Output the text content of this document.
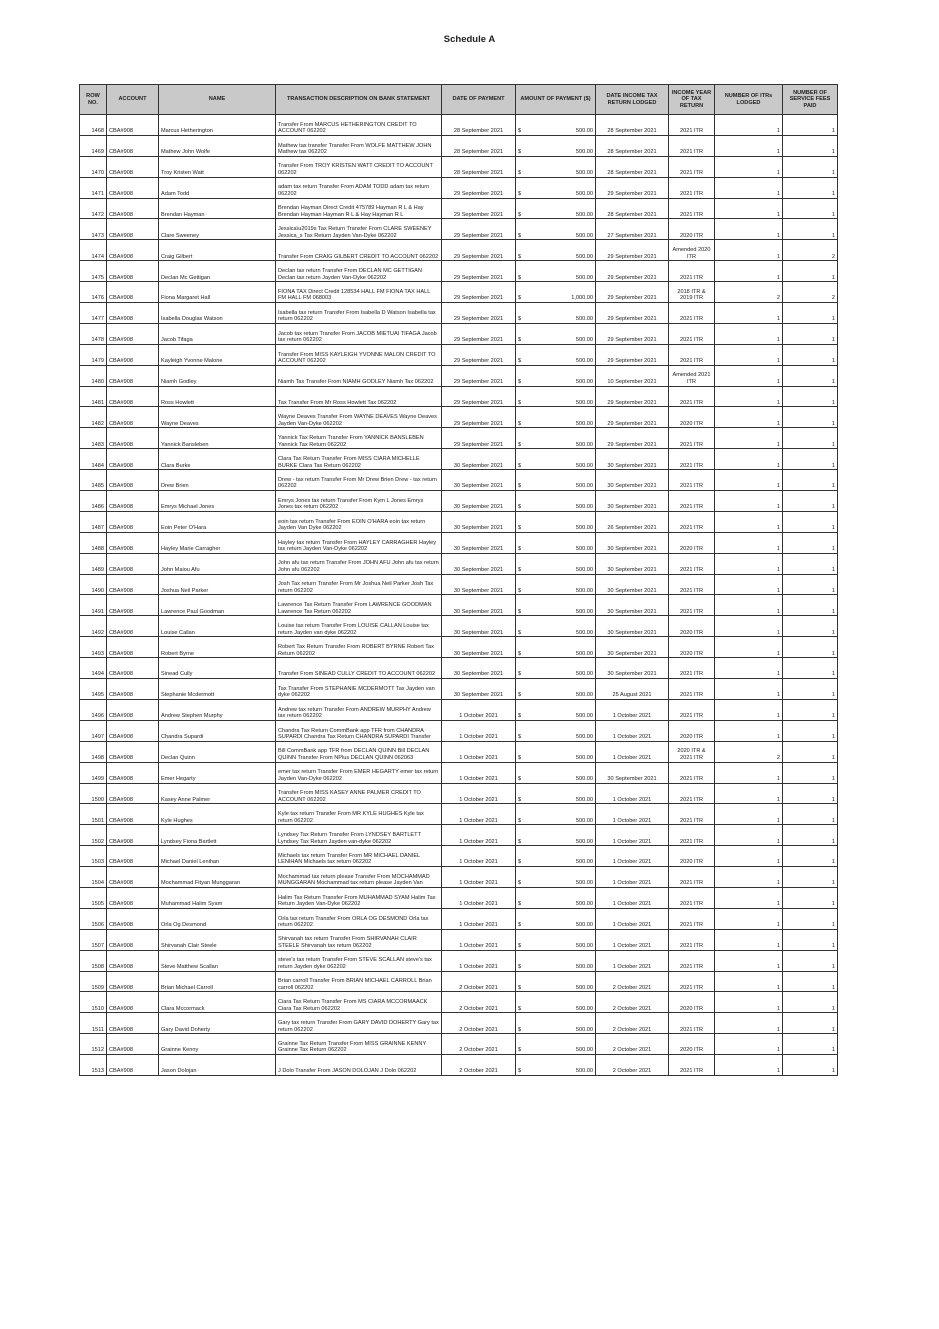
Schedule A
ROW NO.	ACCOUNT	NAME	TRANSACTION DESCRIPTION ON BANK STATEMENT	DATE OF PAYMENT	AMOUNT OF PAYMENT ($)	DATE INCOME TAX RETURN LODGED	INCOME YEAR OF TAX RETURN	NUMBER OF ITRs LODGED	NUMBER OF SERVICE FEES PAID
1468	CBA#908	Marcus Hetherington	Transfer From MARCUS HETHERINGTON CREDIT TO ACCOUNT 062202	28 September 2021	$ 500.00	28 September 2021	2021 ITR	1	1
1469	CBA#908	Mathew John Wolfe	Mathew tax transfer Transfer From WOLFE MATTHEW JOHN Mathew tax 062202	28 September 2021	$ 500.00	28 September 2021	2021 ITR	1	1
1470	CBA#908	Troy Kristen Watt	Transfer From TROY KRISTEN WATT CREDIT TO ACCOUNT 062202	28 September 2021	$ 500.00	28 September 2021	2021 ITR	1	1
1471	CBA#908	Adam Todd	adam tax return Transfer From ADAM TODD adam tax return 062202	29 September 2021	$ 500.00	29 September 2021	2021 ITR	1	1
1472	CBA#908	Brendan Hayman	Brendan Hayman Direct Credit 475789 Hayman R L & Hay Brendan Hayman Hayman R L & Hay Hayman R L	29 September 2021	$ 500.00	28 September 2021	2021 ITR	1	1
1473	CBA#908	Clare Sweeney	Jessica\u2019s Tax Return Transfer From CLARE SWEENEY Jessica_s Tax Return Jayden Van-Dyke 062202	29 September 2021	$ 500.00	27 September 2021	2020 ITR	1	1
1474	CBA#908	Craig Gilbert	Transfer From CRAIG GILBERT CREDIT TO ACCOUNT 062202	29 September 2021	$ 500.00	29 September 2021	Amended 2020 ITR	1	2
1475	CBA#908	Declan Mc Gettigan	Declan tax return Transfer From DECLAN MC GETTIGAN Declan tax return Jayden Van-Dyke 062202	29 September 2021	$ 500.00	29 September 2021	2021 ITR	1	1
1476	CBA#908	Fiona Margaret Hall	FIONA TAX Direct Credit 128534 HALL FM FIONA TAX HALL FM HALL FM 068003	29 September 2021	$ 1,000.00	29 September 2021	2018 ITR & 2019 ITR	2	2
1477	CBA#908	Isabella Douglas Watson	Isabella tax return Transfer From Isabella D Watson Isabella tax return 062202	29 September 2021	$ 500.00	29 September 2021	2021 ITR	1	1
1478	CBA#908	Jacob Tifaga	Jacob tax return Transfer From JACOB MIETUAI TIFAGA Jacob tax return 062202	29 September 2021	$ 500.00	29 September 2021	2021 ITR	1	1
1479	CBA#908	Kayleigh Yvonne Malone	Transfer From MISS KAYLEIGH YVONNE MALON CREDIT TO ACCOUNT 062202	29 September 2021	$ 500.00	29 September 2021	2021 ITR	1	1
1480	CBA#908	Niamh Godley	Niamh Tax Transfer From NIAMH GODLEY Niamh Tax 062202	29 September 2021	$ 500.00	10 September 2021	Amended 2021 ITR	1	1
1481	CBA#908	Ross Howlett	Tax Transfer From Mr Ross Howlett Tax 062202	29 September 2021	$ 500.00	29 September 2021	2021 ITR	1	1
1482	CBA#908	Wayne Deaves	Wayne Deaves Transfer From WAYNE DEAVES Wayne Deaves Jayden Van-Dyke 062202	29 September 2021	$ 500.00	29 September 2021	2020 ITR	1	1
1483	CBA#908	Yannick Bansleben	Yannick Tax Return Transfer From YANNICK BANSLEBEN Yannick Tax Return 062202	29 September 2021	$ 500.00	29 September 2021	2021 ITR	1	1
1484	CBA#908	Clara Burke	Clara Tax Return Transfer From MISS CIARA MICHELLE BURKE Clara Tax Return 062202	30 September 2021	$ 500.00	30 September 2021	2021 ITR	1	1
1485	CBA#908	Drew Brien	Drew - tax return Transfer From Mr Drew Brien Drew - tax return 062202	30 September 2021	$ 500.00	30 September 2021	2021 ITR	1	1
1486	CBA#908	Emrys Michael Jones	Emrys Jones tax return Transfer From Kym L Jones Emrys Jones tax return 062202	30 September 2021	$ 500.00	30 September 2021	2021 ITR	1	1
1487	CBA#908	Eoin Peter O'Hara	eoin tax return Transfer From EOIN O'HARA eoin tax return Jayden Van Dyke 062202	30 September 2021	$ 500.00	26 September 2021	2021 ITR	1	1
1488	CBA#908	Hayley Marie Carragher	Hayley tax return Transfer From HAYLEY CARRAGHER Hayley tax return Jayden Van-Dyke 062202	30 September 2021	$ 500.00	30 September 2021	2020 ITR	1	1
1489	CBA#908	John Maiou Afu	John afu tax return Transfer From JOHN AFU John afu tax return John afu 062202	30 September 2021	$ 500.00	30 September 2021	2021 ITR	1	1
1490	CBA#908	Joshua Neil Parker	Josh Tax return Transfer From Mr Joshua Neil Parker Josh Tax return 062202	30 September 2021	$ 500.00	30 September 2021	2021 ITR	1	1
1491	CBA#908	Lawrence Paul Goodman	Lawrence Tax Return Transfer From LAWRENCE GOODMAN Lawrence Tax Return 062202	30 September 2021	$ 500.00	30 September 2021	2021 ITR	1	1
1492	CBA#908	Louise Callan	Louise tax return Transfer From LOUISE CALLAN Louise tax return Jayden van dyke 062202	30 September 2021	$ 500.00	30 September 2021	2020 ITR	1	1
1493	CBA#908	Robert Byrne	Robert Tax Return Transfer From ROBERT BYRNE Robert Tax Return 062202	30 September 2021	$ 500.00	30 September 2021	2020 ITR	1	1
1494	CBA#908	Sinead Cully	Transfer From SINEAD CULLY CREDIT TO ACCOUNT 062202	30 September 2021	$ 500.00	30 September 2021	2021 ITR	1	1
1495	CBA#908	Stephanie Mcdermott	Tax Transfer From STEPHANIE MCDERMOTT Tax Jayden van dyke 062202	30 September 2021	$ 500.00	25 August 2021	2021 ITR	1	1
1496	CBA#908	Andrew Stephen Murphy	Andrew tax return Transfer From ANDREW MURPHY Andrew tax return 062202	1 October 2021	$ 500.00	1 October 2021	2021 ITR	1	1
1497	CBA#908	Chandra Supardi	Chandra Tax Return CommBank app TFR from CHANDRA SUPARDI Chandra Tax Return CHANDRA SUPARDI Transfer	1 October 2021	$ 500.00	1 October 2021	2020 ITR	1	1
1498	CBA#908	Declan Quinn	Bill CommBank app TFR from DECLAN QUINN Bill DECLAN QUINN Transfer From NPlus DECLAN QUINN 062063	1 October 2021	$ 500.00	1 October 2021	2020 ITR & 2021 ITR	2	1
1499	CBA#908	Emer Hegarty	emer tax return Transfer From EMER HEGARTY emer tax return Jayden Van-Dyke 062202	1 October 2021	$ 500.00	30 September 2021	2021 ITR	1	1
1500	CBA#908	Kasey Anne Palmer	Transfer From MISS KASEY ANNE PALMER CREDIT TO ACCOUNT 062202	1 October 2021	$ 500.00	1 October 2021	2021 ITR	1	1
1501	CBA#908	Kyle Hughes	Kyle tax return Transfer From MR KYLE HUGHES Kyle tax return 062202	1 October 2021	$ 500.00	1 October 2021	2021 ITR	1	1
1502	CBA#908	Lyndsey Fiona Bartlett	Lyndsey Tax Return Transfer From LYNDSEY BARTLETT Lyndsey Tax Return Jayden van-dyke 062202	1 October 2021	$ 500.00	1 October 2021	2021 ITR	1	1
1503	CBA#908	Michael Daniel Lenihan	Michaels tax return Transfer From MR MICHAEL DANIEL LENIHAN Michaels tax return 062202	1 October 2021	$ 500.00	1 October 2021	2020 ITR	1	1
1504	CBA#908	Mochammad Fityan Munggaran	Mochammad tax return please Transfer From MOCHAMMAD MUNGGARAN Mochammad tax return please Jayden Van	1 October 2021	$ 500.00	1 October 2021	2021 ITR	1	1
1505	CBA#908	Muhammad Halim Syam	Halim Tax Return Transfer From MUHAMMAD SYAM Halim Tax Return Jayden Van-Dyke 062202	1 October 2021	$ 500.00	1 October 2021	2021 ITR	1	1
1506	CBA#908	Orla Og Desmond	Orla tax return Transfer From ORLA OG DESMOND Orla tax return 062202	1 October 2021	$ 500.00	1 October 2021	2021 ITR	1	1
1507	CBA#908	Shirvanah Clair Steele	Shirvanah tax return Transfer From SHIRVANAH CLAIR STEELE Shirvanah tax return 062202	1 October 2021	$ 500.00	1 October 2021	2021 ITR	1	1
1508	CBA#908	Steve Matthew Scallan	steve's tax return Transfer From STEVE SCALLAN steve's tax return Jayden dyke 062202	1 October 2021	$ 500.00	1 October 2021	2021 ITR	1	1
1509	CBA#908	Brian Michael Carroll	Brian carroll Transfer From BRIAN MICHAEL CARROLL Brian carroll 062202	2 October 2021	$ 500.00	2 October 2021	2021 ITR	1	1
1510	CBA#908	Clara Mccormack	Ciara Tax Return Transfer From MS CIARA MCCORMAACK Ciara Tax Return 062202	2 October 2021	$ 500.00	2 October 2021	2020 ITR	1	1
1511	CBA#908	Gary David Doherty	Gary tax return Transfer From GARY DAVID DOHERTY Gary tax return 062202	2 October 2021	$ 500.00	2 October 2021	2021 ITR	1	1
1512	CBA#908	Grainne Kenny	Grainne Tax Return Transfer From MISS GRAINNE KENNY Grainne Tax Return 062202	2 October 2021	$ 500.00	2 October 2021	2020 ITR	1	1
1513	CBA#908	Jason Dolojan	J Dolo Transfer From JASON DOLOJAN J Dolo 062202	2 October 2021	$ 500.00	2 October 2021	2021 ITR	1	1
